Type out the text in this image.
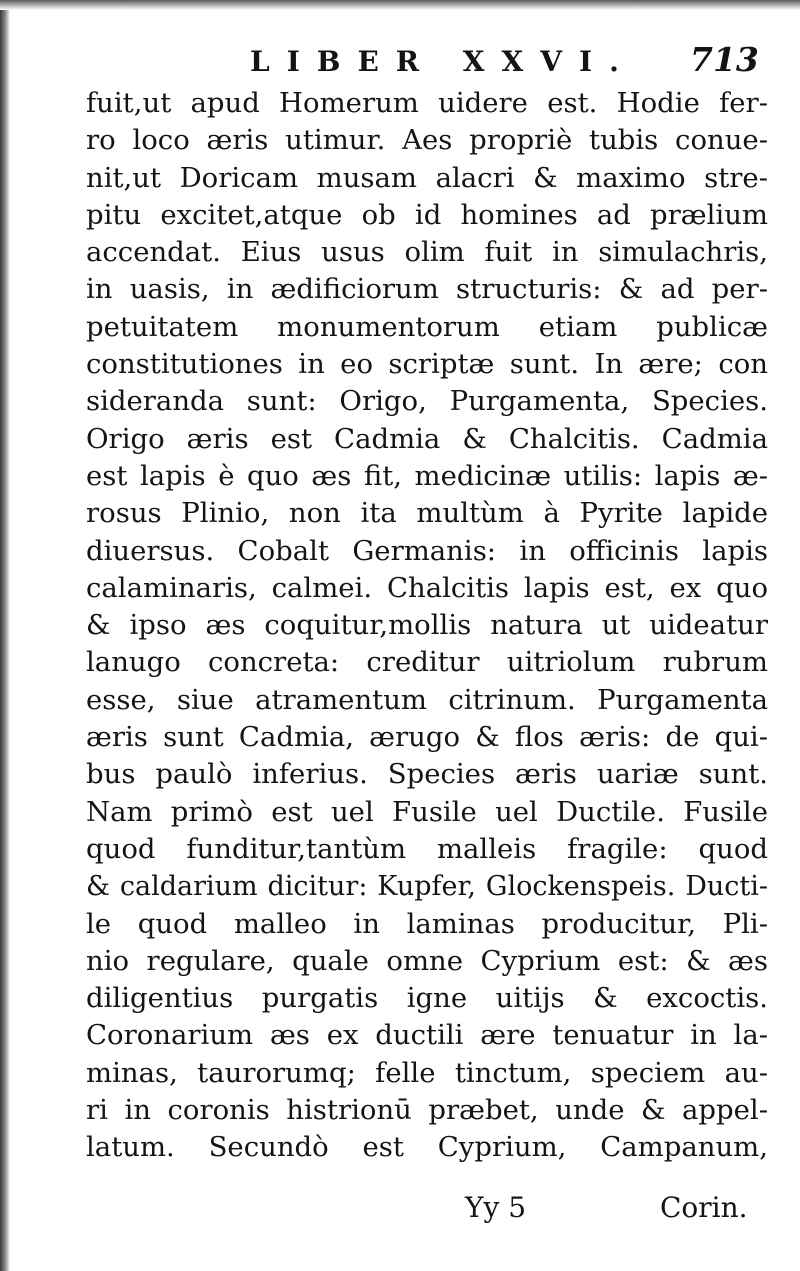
LIBER XXVI. 713
fuit,ut apud Homerum uidere est. Hodie fer-
ro loco æris utimur. Aes propriè tubis conue-
nit,ut Doricam musam alacri & maximo stre-
pitu excitet,atque ob id homines ad prælium
accendat. Eius usus olim fuit in simulachris,
in uasis, in ædificiorum structuris: & ad per-
petuitatem monumentorum etiam publicæ
constitutiones in eo scriptæ sunt. In ære; con
sideranda sunt: Origo, Purgamenta, Species.
Origo æris est Cadmia & Chalcitis. Cadmia
est lapis è quo æs fit, medicinæ utilis: lapis æ-
rosus Plinio, non ita multùm à Pyrite lapide
diuersus. Cobalt Germanis: in officinis lapis
calaminaris, calmei. Chalcitis lapis est, ex quo
& ipso æs coquitur,mollis natura ut uideatur
lanugo concreta: creditur uitriolum rubrum
esse, siue atramentum citrinum. Purgamenta
æris sunt Cadmia, ærugo & flos æris: de qui-
bus paulò inferius. Species æris uariæ sunt.
Nam primò est uel Fusile uel Ductile. Fusile
quod funditur,tantùm malleis fragile: quod
& caldarium dicitur: Kupfer, Glockenspeis. Ducti-
le quod malleo in laminas producitur, Pli-
nio regulare, quale omne Cyprium est: & æs
diligentius purgatis igne uitijs & excoctis.
Coronarium æs ex ductili ære tenuatur in la-
minas, taurorumq; felle tinctum, speciem au-
ri in coronis histrionū præbet, unde & appel-
latum. Secundò est Cyprium, Campanum,
Yy 5	Corin.
